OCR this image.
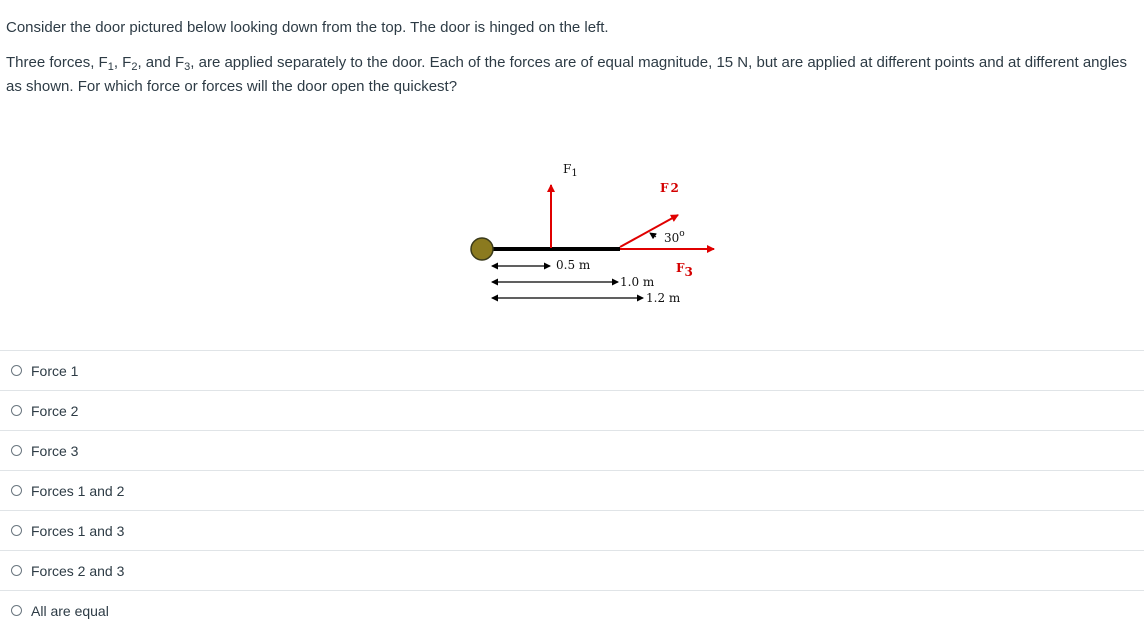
Consider the door pictured below looking down from the top. The door is hinged on the left.

Three forces, $F_1$, $F_2$, and $F_3$, are applied separately to the door. Each of the forces are of equal magnitude, 15 N, but are applied at different points and at different angles as shown. For which force or forces will the door open the quickest?

$F_1$
F 2
F3
30$^o$
0.5 m
1.0 m
1.2 m
Force 1
Force 2
Force 3
Forces 1 and 2
Forces 1 and 3
Forces 2 and 3
All are equal
